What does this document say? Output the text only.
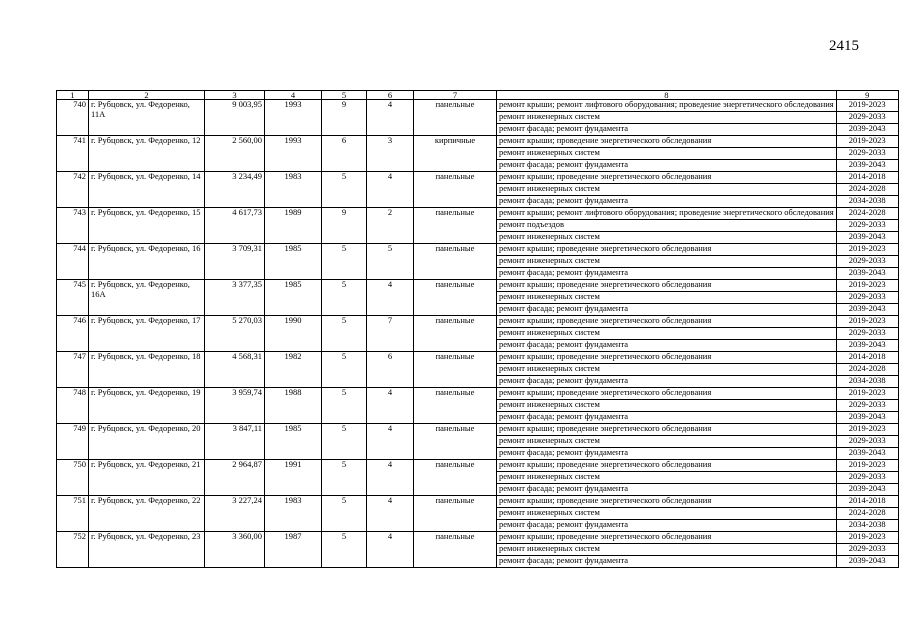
2415
1	2	3	4	5	6	7	8	9
740	г. Рубцовск, ул. Федоренко, 11А	9 003,95	1993	9	4	панельные	ремонт крыши; ремонт лифтового оборудования; проведение энергетического обследования	2019-2023
							ремонт инженерных систем	2029-2033
							ремонт фасада; ремонт фундамента	2039-2043
741	г. Рубцовск, ул. Федоренко, 12	2 560,00	1993	6	3	кирпичные	ремонт крыши; проведение энергетического обследования	2019-2023
							ремонт инженерных систем	2029-2033
							ремонт фасада; ремонт фундамента	2039-2043
742	г. Рубцовск, ул. Федоренко, 14	3 234,49	1983	5	4	панельные	ремонт крыши; проведение энергетического обследования	2014-2018
							ремонт инженерных систем	2024-2028
							ремонт фасада; ремонт фундамента	2034-2038
743	г. Рубцовск, ул. Федоренко, 15	4 617,73	1989	9	2	панельные	ремонт крыши; ремонт лифтового оборудования; проведение энергетического обследования	2024-2028
							ремонт подъездов	2029-2033
							ремонт инженерных систем	2039-2043
744	г. Рубцовск, ул. Федоренко, 16	3 709,31	1985	5	5	панельные	ремонт крыши; проведение энергетического обследования	2019-2023
							ремонт инженерных систем	2029-2033
							ремонт фасада; ремонт фундамента	2039-2043
745	г. Рубцовск, ул. Федоренко, 16А	3 377,35	1985	5	4	панельные	ремонт крыши; проведение энергетического обследования	2019-2023
							ремонт инженерных систем	2029-2033
							ремонт фасада; ремонт фундамента	2039-2043
746	г. Рубцовск, ул. Федоренко, 17	5 270,03	1990	5	7	панельные	ремонт крыши; проведение энергетического обследования	2019-2023
							ремонт инженерных систем	2029-2033
							ремонт фасада; ремонт фундамента	2039-2043
747	г. Рубцовск, ул. Федоренко, 18	4 568,31	1982	5	6	панельные	ремонт крыши; проведение энергетического обследования	2014-2018
							ремонт инженерных систем	2024-2028
							ремонт фасада; ремонт фундамента	2034-2038
748	г. Рубцовск, ул. Федоренко, 19	3 959,74	1988	5	4	панельные	ремонт крыши; проведение энергетического обследования	2019-2023
							ремонт инженерных систем	2029-2033
							ремонт фасада; ремонт фундамента	2039-2043
749	г. Рубцовск, ул. Федоренко, 20	3 847,11	1985	5	4	панельные	ремонт крыши; проведение энергетического обследования	2019-2023
							ремонт инженерных систем	2029-2033
							ремонт фасада; ремонт фундамента	2039-2043
750	г. Рубцовск, ул. Федоренко, 21	2 964,87	1991	5	4	панельные	ремонт крыши; проведение энергетического обследования	2019-2023
							ремонт инженерных систем	2029-2033
							ремонт фасада; ремонт фундамента	2039-2043
751	г. Рубцовск, ул. Федоренко, 22	3 227,24	1983	5	4	панельные	ремонт крыши; проведение энергетического обследования	2014-2018
							ремонт инженерных систем	2024-2028
							ремонт фасада; ремонт фундамента	2034-2038
752	г. Рубцовск, ул. Федоренко, 23	3 360,00	1987	5	4	панельные	ремонт крыши; проведение энергетического обследования	2019-2023
							ремонт инженерных систем	2029-2033
							ремонт фасада; ремонт фундамента	2039-2043
